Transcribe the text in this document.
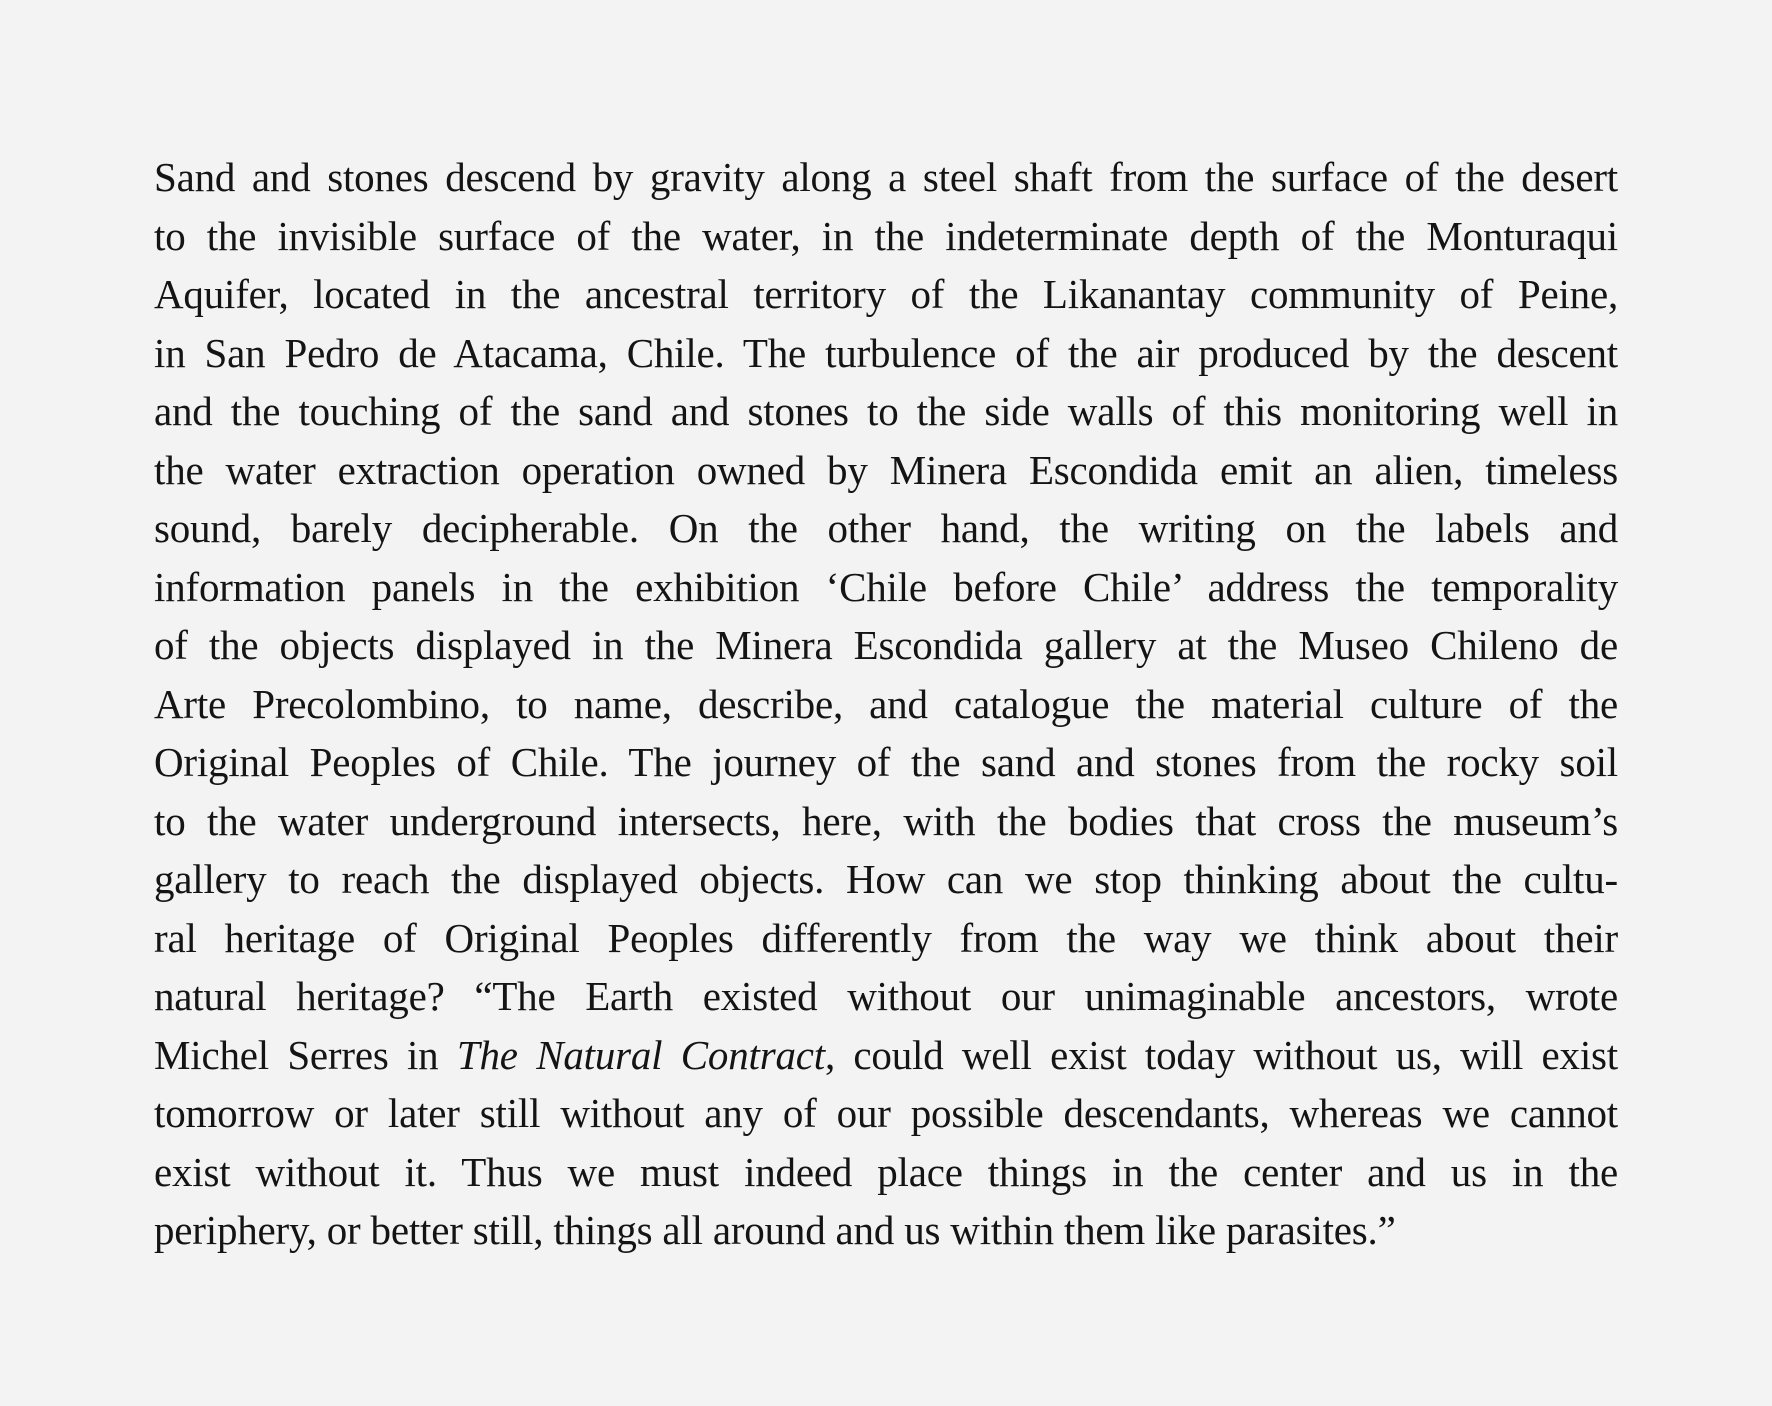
Sand and stones descend by gravity along a steel shaft from the surface of the desert
to the invisible surface of the water, in the indeterminate depth of the Monturaqui
Aquifer, located in the ancestral territory of the Likanantay community of Peine,
in San Pedro de Atacama, Chile. The turbulence of the air produced by the descent
and the touching of the sand and stones to the side walls of this monitoring well in
the water extraction operation owned by Minera Escondida emit an alien, timeless
sound, barely decipherable. On the other hand, the writing on the labels and
information panels in the exhibition ‘Chile before Chile’ address the temporality
of the objects displayed in the Minera Escondida gallery at the Museo Chileno de
Arte Precolombino, to name, describe, and catalogue the material culture of the
Original Peoples of Chile. The journey of the sand and stones from the rocky soil
to the water underground intersects, here, with the bodies that cross the museum’s
gallery to reach the displayed objects. How can we stop thinking about the cultu-
ral heritage of Original Peoples differently from the way we think about their
natural heritage? “The Earth existed without our unimaginable ancestors, wrote
Michel Serres in The Natural Contract, could well exist today without us, will exist
tomorrow or later still without any of our possible descendants, whereas we cannot
exist without it. Thus we must indeed place things in the center and us in the
periphery, or better still, things all around and us within them like parasites.”
